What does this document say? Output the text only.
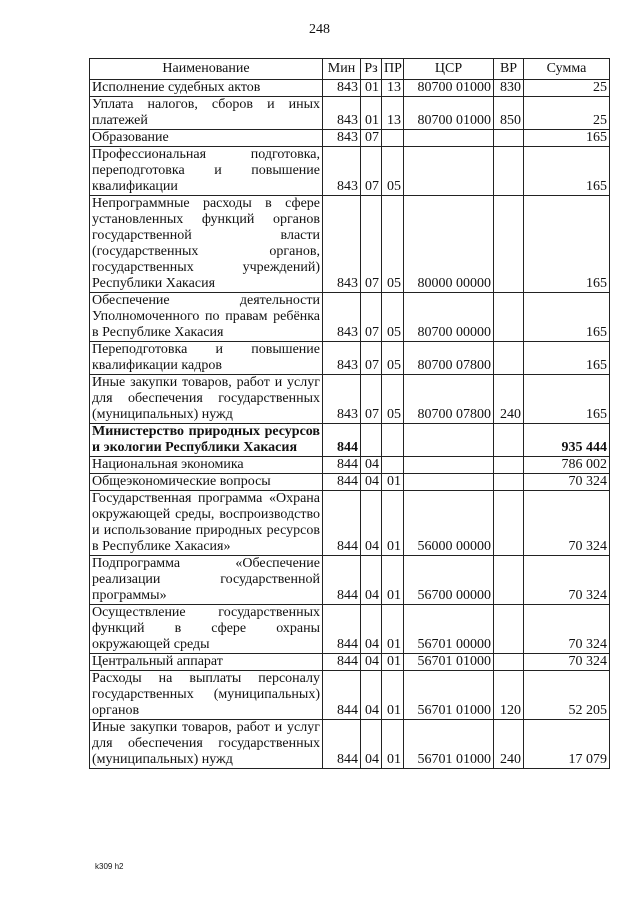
248
Наименование	Мин	Рз	ПР	ЦСР	ВР	Сумма
Исполнение судебных актов	843	01	13	80700 01000	830	25
Уплата налогов, сборов и иных платежей	843	01	13	80700 01000	850	25
Образование	843	07				165
Профессиональная подготовка, переподготовка и повышение квалификации	843	07	05			165
Непрограммные расходы в сфере установленных функций органов государственной власти (государственных органов, государственных учреждений) Республики Хакасия	843	07	05	80000 00000		165
Обеспечение деятельности Уполномоченного по правам ребёнка в Республике Хакасия	843	07	05	80700 00000		165
Переподготовка и повышение квалификации кадров	843	07	05	80700 07800		165
Иные закупки товаров, работ и услуг для обеспечения государственных (муниципальных) нужд	843	07	05	80700 07800	240	165
Министерство природных ресурсов и экологии Республики Хакасия	844					935 444
Национальная экономика	844	04				786 002
Общеэкономические вопросы	844	04	01			70 324
Государственная программа «Охрана окружающей среды, воспроизводство и использование природных ресурсов в Республике Хакасия»	844	04	01	56000 00000		70 324
Подпрограмма «Обеспечение реализации государственной программы»	844	04	01	56700 00000		70 324
Осуществление государственных функций в сфере охраны окружающей среды	844	04	01	56701 00000		70 324
Центральный аппарат	844	04	01	56701 01000		70 324
Расходы на выплаты персоналу государственных (муниципальных) органов	844	04	01	56701 01000	120	52 205
Иные закупки товаров, работ и услуг для обеспечения государственных (муниципальных) нужд	844	04	01	56701 01000	240	17 079
k309 h2
